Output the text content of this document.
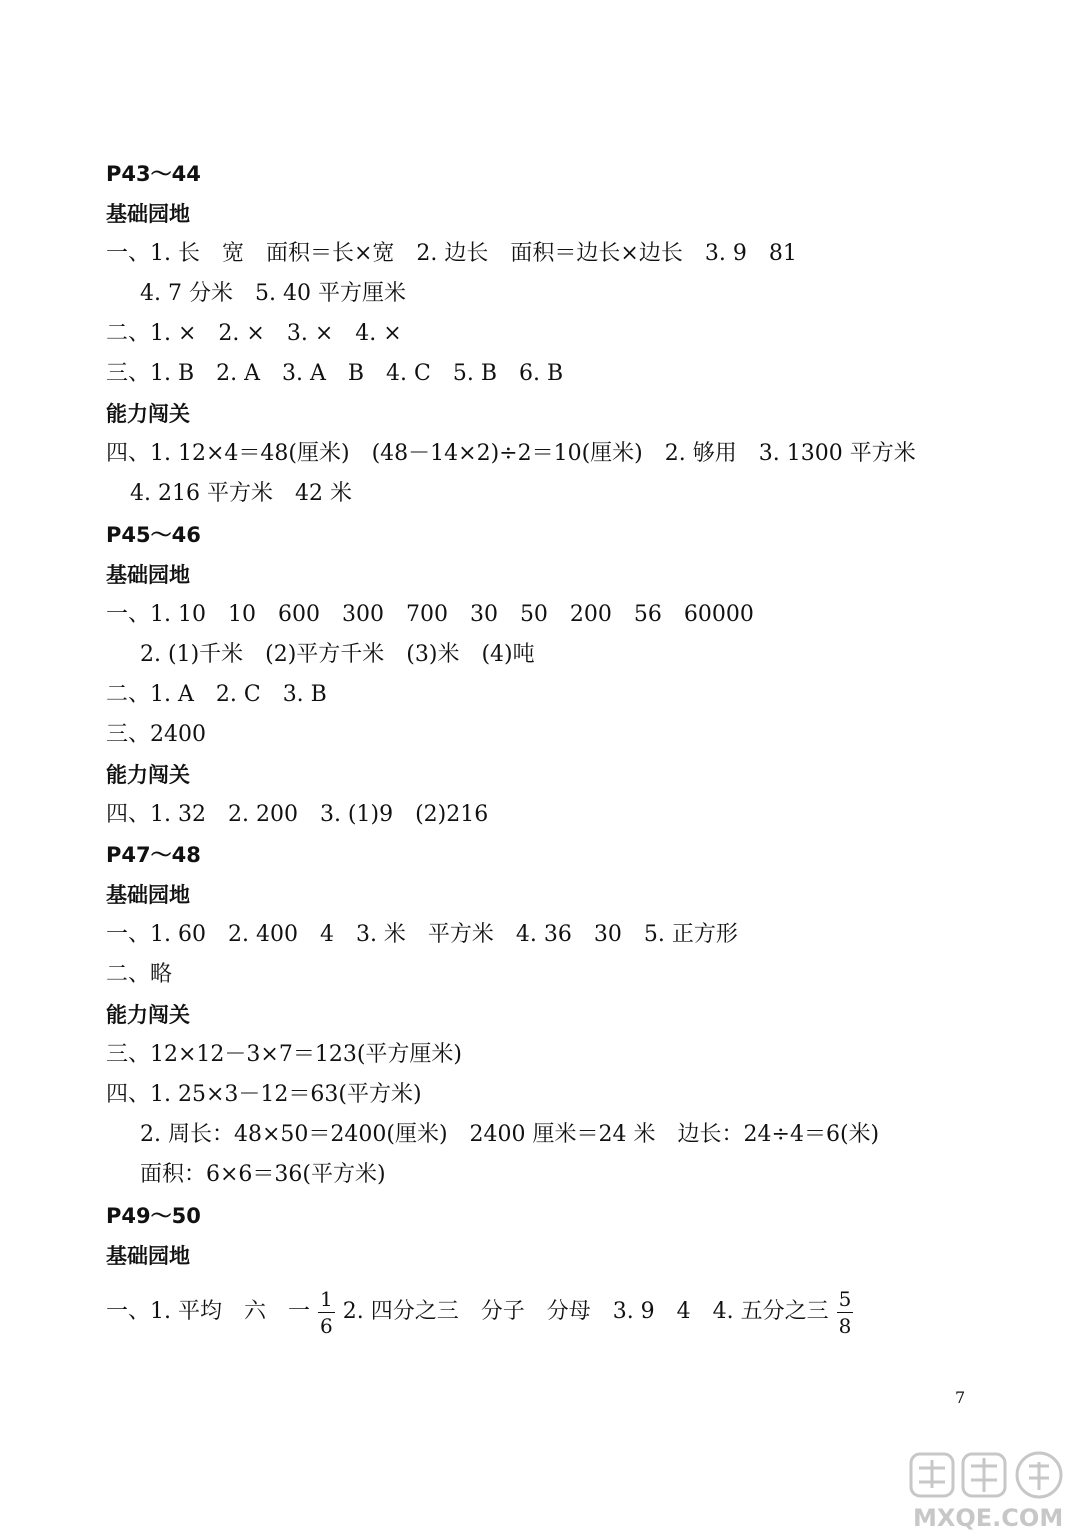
P43～44
基础园地
一、1. 长　宽　面积＝长×宽　2. 边长　面积＝边长×边长　3. 9　81
4. 7 分米　5. 40 平方厘米
二、1. ×　2. ×　3. ×　4. ×
三、1. B　2. A　3. A　B　4. C　5. B　6. B
能力闯关
四、1. 12×4＝48(厘米)　(48－14×2)÷2＝10(厘米)　2. 够用　3. 1300 平方米
4. 216 平方米　42 米
P45～46
基础园地
一、1. 10　10　600　300　700　30　50　200　56　60000
2. (1)千米　(2)平方千米　(3)米　(4)吨
二、1. A　2. C　3. B
三、2400
能力闯关
四、1. 32　2. 200　3. (1)9　(2)216
P47～48
基础园地
一、1. 60　2. 400　4　3. 米　平方米　4. 36　30　5. 正方形
二、略
能力闯关
三、12×12－3×7＝123(平方厘米)
四、1. 25×3－12＝63(平方米)
2. 周长：48×50＝2400(厘米)　2400 厘米＝24 米　边长：24÷4＝6(米)
面积：6×6＝36(平方米)
P49～50
基础园地
一、1. 平均　六　一 $\frac{1}{6} 2$. 四分之三　分子　分母　3. 9　4　4. 五分之三 $\frac{5}{8}$
7
MXQE.COM
